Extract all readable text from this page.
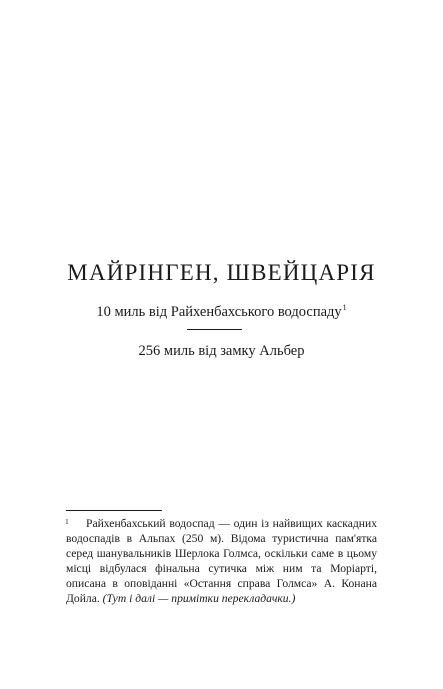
МАЙРІНГЕН, ШВЕЙЦАРІЯ
10 миль від Райхенбахського водоспаду$^1$
256 миль від замку Альбер
1	Райхенбахський водоспад — один із найвищих каскадних водоспадів в Альпах (250 м). Відома туристична пам'ятка серед шанувальників Шерлока Голмса, оскільки саме в цьому місці відбулася фінальна сутичка між ним та Моріарті, описана в оповіданні «Остання справа Голмса» А. Конана Дойла. (Тут і далі — примітки перекладачки.)
